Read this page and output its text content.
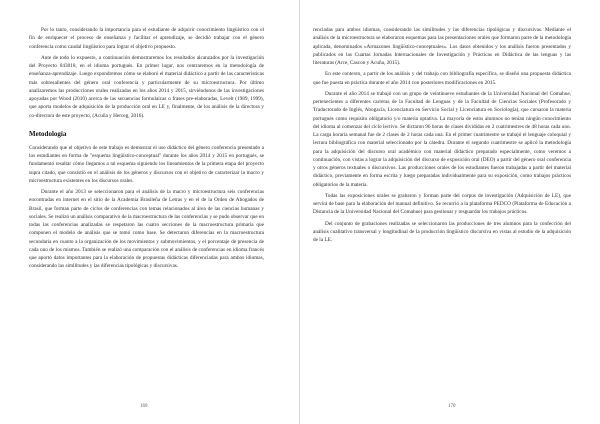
Por lo tanto, considerando la importancia para el estudiante de adquirir conocimiento lingüístico con el fin de enriquecer el proceso de enseñanza y facilitar el aprendizaje, se decidió trabajar con el género conferencia como caudal lingüístico para lograr el objetivo propuesto.

Ante de todo lo expuesto, a continuación demostraremos los resultados alcanzados por la investigación del Proyecto 043018, en el idioma portugués. En primer lugar, nos centraremos en la metodología de enseñanza-aprendizaje. Luego expondremos cómo se elaboró el material didáctico a partir de las características más sobresalientes del género oral conferencia y particularmente de su microestructura. Por último analizaremos las producciones orales realizadas en los años 2014 y 2015, sirviéndonos de las investigaciones apoyadas por Wood (2010) acerca de las secuencias formulaicas o frases pre-elaboradas, Levelt (1989, 1999), que aporta modelos de adquisición de la producción oral en LE y, finalmente, de los análisis de la directora y co-directora de este proyecto, (Acuña y Herceg, 2016).

Metodología

Considerando que el objetivo de este trabajo es demostrar el uso didáctico del género conferencia presentado a los estudiantes en forma de "esquema lingüístico-conceptual" durante los años 2014 y 2015 en portugués, se fundamentó resaltar cómo llegamos a tal esquema siguiendo los lineamientos de la primera etapa del proyecto supra citado, que consistió en el análisis de los géneros y discursos con el objetivo de caracterizar la macro y microestructura existentes en los discursos orales.

Durante el año 2013 se seleccionaron para el análisis de la macro y microestructura seis conferencias encontradas en internet en el sitio de la Academia Brasileña de Letras y en el de la Orden de Abogados de Brasil, que forman parte de ciclos de conferencias con temas relacionados al área de las ciencias humanas y sociales. Se realizó un análisis comparativo de la macroestructura de las conferencias y se pudo observar que en todas las conferencias analizadas se respetaron las cuatro secciones de la macroestructura primaria que componen el modelo de análisis que se tomó como base. Se detectaron diferencias en la macroestructura secundaria en cuanto a la organización de los movimientos y submovimientos, y el porcentaje de presencia de cada uno de los mismos. También se realizó una comparación con el análisis de conferencias en idioma francés que aportó datos importantes para la elaboración de propuestas didácticas diferenciadas para ambos idiomas, considerando las similitudes y las diferencias tipológicas y discursivas.

169

renciadas para ambos idiomas, considerando las similitudes y las diferencias tipológicas y discursivas. Mediante el análisis de la microestructura se elaboraron esquemas para las presentaciones orales que formaron parte de la metodología aplicada, denominados «Armazones lingüístico-conceptuales». Los datos obtenidos y los análisis fueron presentados y publicados en las Cuartas Jornadas Internacionales de Investigación y Prácticas en Didáctica de las lenguas y las literaturas (Arce, Cascon y Acuña, 2015).

En este contexto, a partir de los análisis y del trabajo con bibliografía específica, se diseñó una propuesta didáctica que fue puesta en práctica durante el año 2014 con posteriores modificaciones en 2015.

Durante el año 2014 se trabajó con un grupo de veintinueve estudiantes de la Universidad Nacional del Comahue, pertenecientes a diferentes carreras de la Facultad de Lenguas y de la Facultad de Ciencias Sociales (Profesorado y Traductorado de Inglés, Abogacía, Licenciatura en Servicio Social y Licenciatura en Sociología), que cursaron la materia portugués como requisito obligatorio y/o materia optativa. La mayoría de estos alumnos no tenían ningún conocimiento del idioma al comenzar del ciclo lectivo. Se dictaron 96 horas de clases divididas en 2 cuatrimestres de 48 horas cada uno. La carga horaria semanal fue de 2 clases de 2 horas cada una. En el primer cuatrimestre se trabajó el lenguaje coloquial y lectura bibliográfica con material seleccionado por la cátedra. Durante el segundo cuatrimestre se aplicó la metodología para la adquisición del discurso oral académico con material didáctico preparado especialmente, como veremos a continuación, con vistas a lograr la adquisición del discurso de exposición oral (DEO) a partir del género oral conferencia y otros géneros textuales o discursivos. Las producciones orales de los estudiantes fueron trabajadas a partir del material didáctico, previamente en forma escrita y luego preparadas individualmente para su exposición, como trabajos prácticos obligatorios de la materia.

Todas las exposiciones orales se grabaron y forman parte del corpus de investigación (Adquisición de LE), que servirá de base para la elaboración del manual definitivo. Se recurrió a la plataforma PEDCO (Plataforma de Educación a Distancia de la Universidad Nacional del Comahue) para gestionar y resguardar los trabajos prácticos.

Del conjunto de grabaciones realizadas se seleccionaron las producciones de tres alumnos para la confección del análisis cualitativo transversal y longitudinal de la producción lingüístico discursiva en vistas al estudio de la adquisición de la LE.

170
